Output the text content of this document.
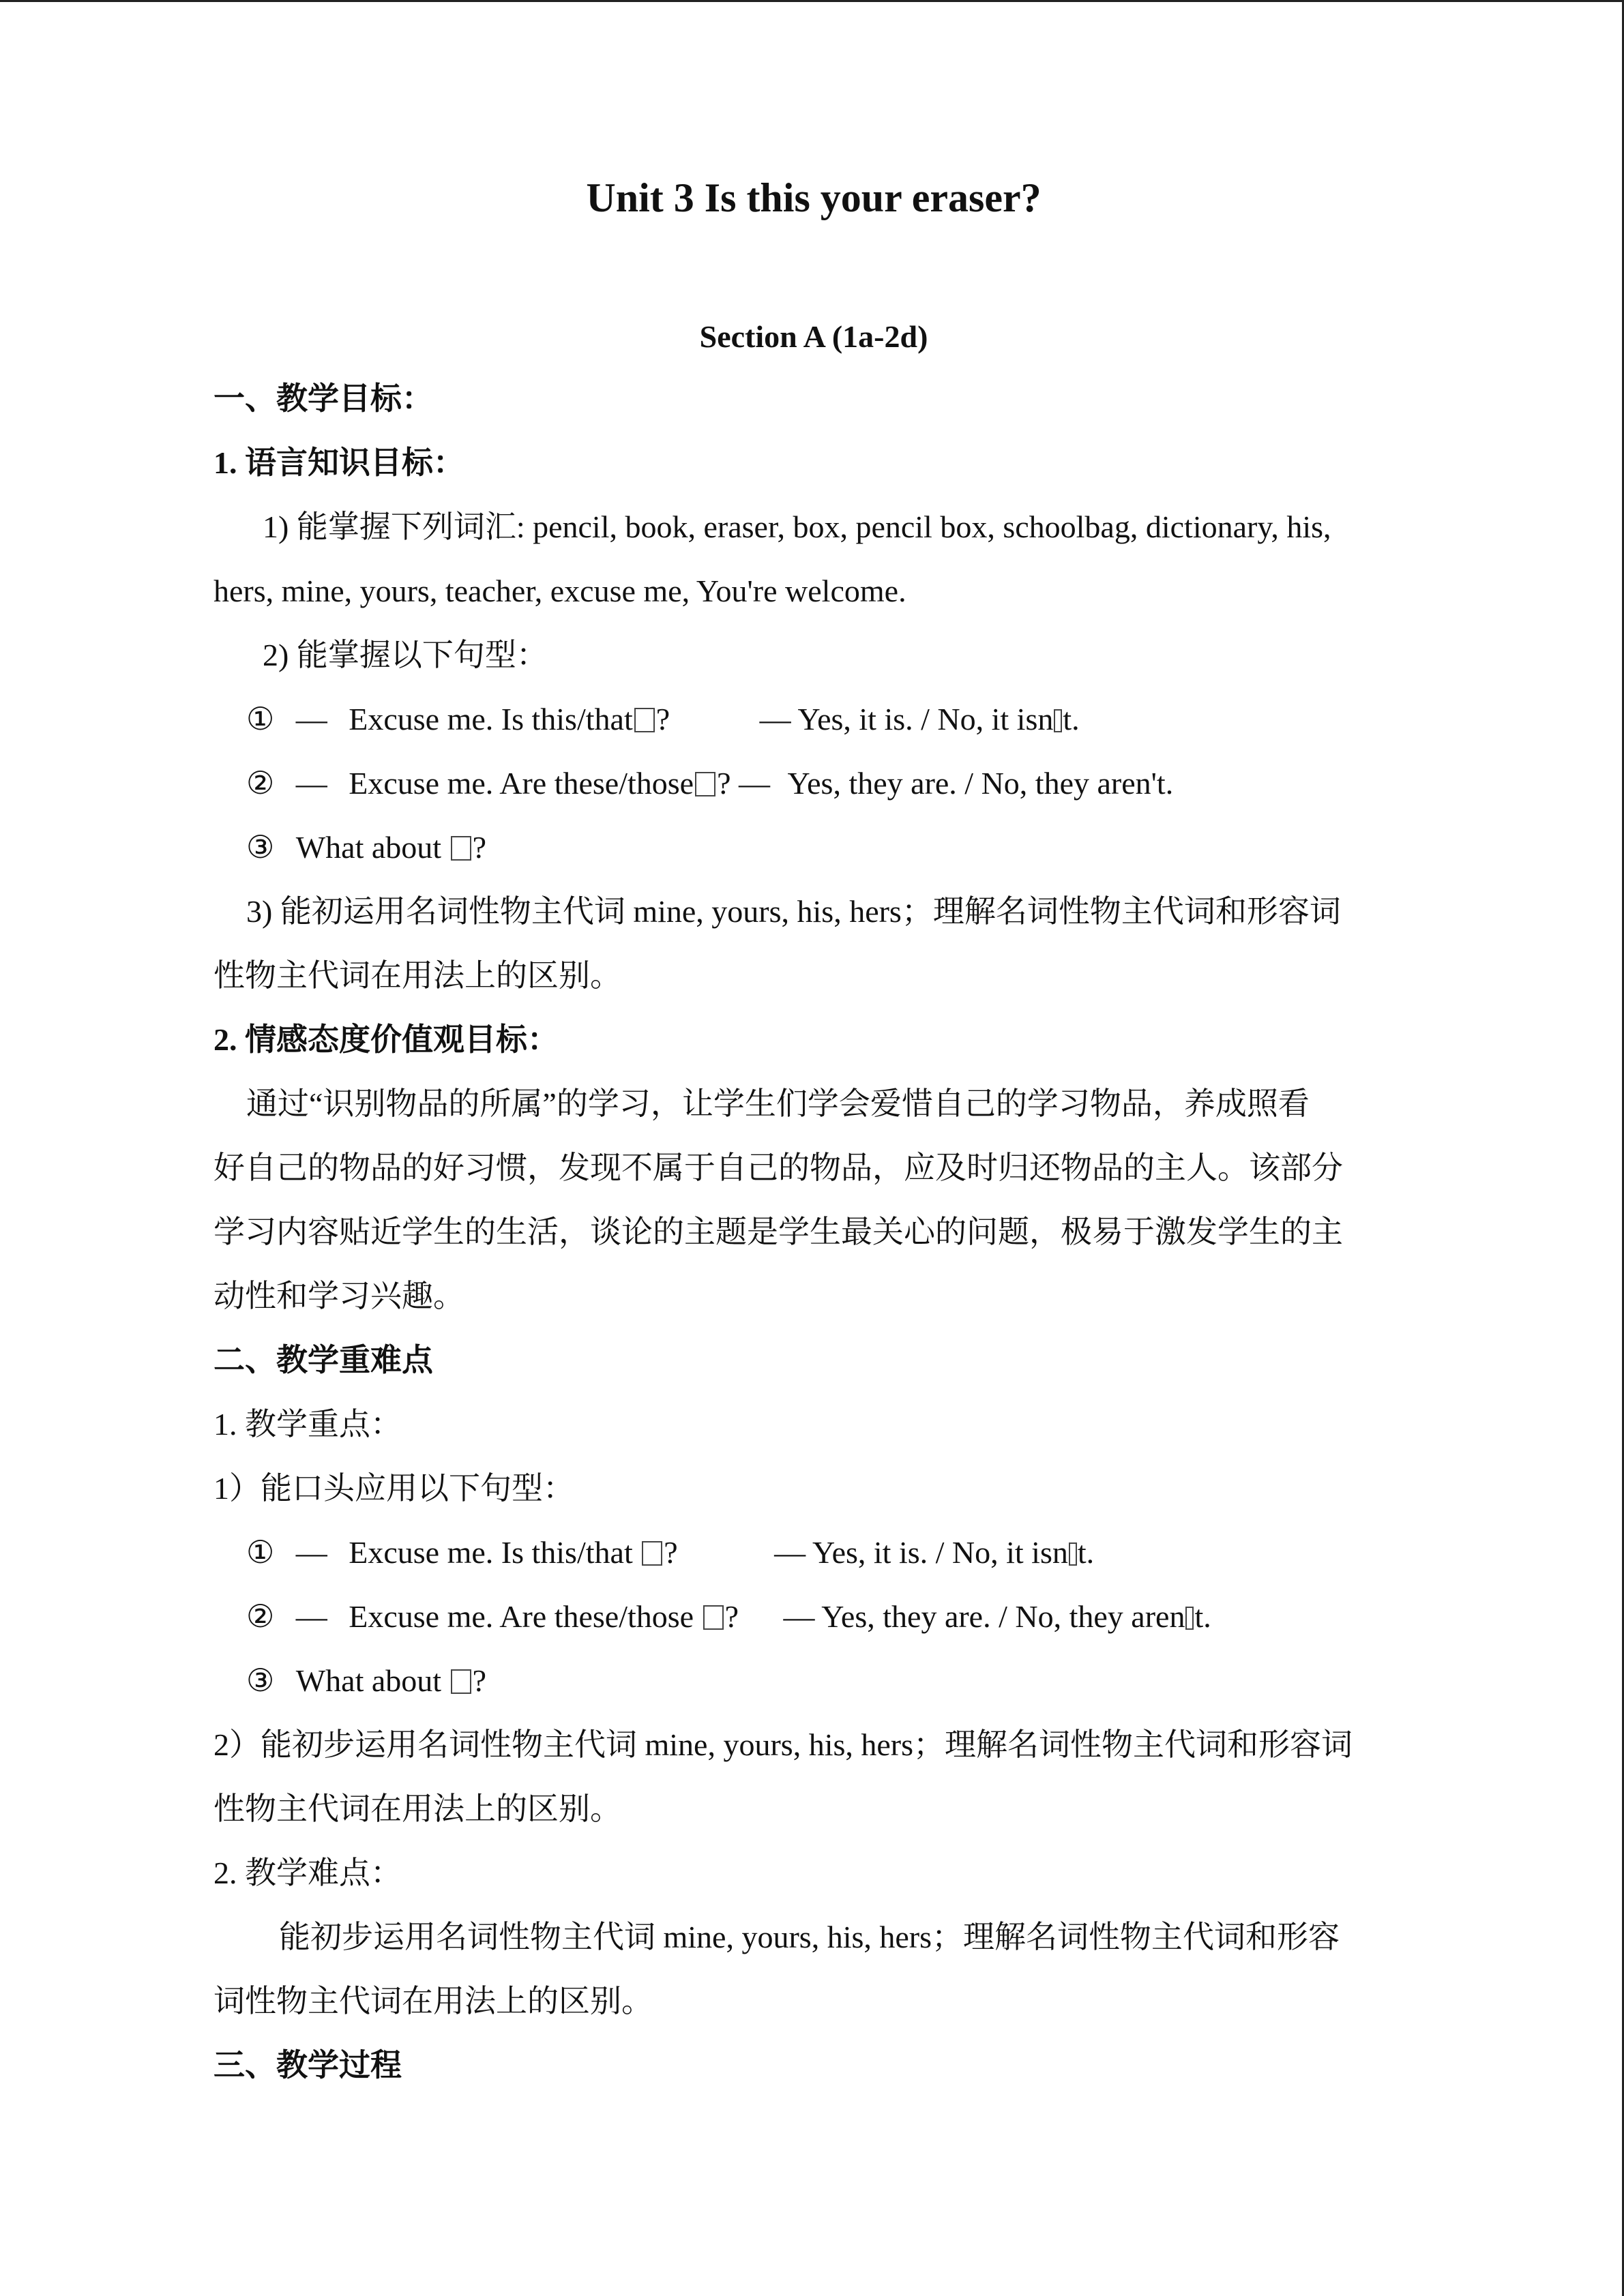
Unit 3 Is this your eraser?
Section A (1a-2d)
一、教学目标：
1. 语言知识目标：
1) 能掌握下列词汇: pencil, book, eraser, box, pencil box, schoolbag, dictionary, his,
hers, mine, yours, teacher, excuse me, You're welcome.
2) 能掌握以下句型：
① — Excuse me. Is this/that ?	— Yes, it is. / No, it isn t.
② — Excuse me. Are these/those ? — Yes, they are. / No, they aren't.
③ What about ?
3) 能初运用名词性物主代词 mine, yours, his, hers；理解名词性物主代词和形容词
性物主代词在用法上的区别。
2. 情感态度价值观目标：
通过“识别物品的所属”的学习，让学生们学会爱惜自己的学习物品，养成照看
好自己的物品的好习惯，发现不属于自己的物品，应及时归还物品的主人。该部分
学习内容贴近学生的生活，谈论的主题是学生最关心的问题，极易于激发学生的主
动性和学习兴趣。
二、教学重难点
1. 教学重点：
1）能口头应用以下句型：
① — Excuse me. Is this/that ?	— Yes, it is. / No, it isn t.
② — Excuse me. Are these/those ? — Yes, they are. / No, they aren t.
③ What about ?
2）能初步运用名词性物主代词 mine, yours, his, hers；理解名词性物主代词和形容词
性物主代词在用法上的区别。
2. 教学难点：
能初步运用名词性物主代词 mine, yours, his, hers；理解名词性物主代词和形容
词性物主代词在用法上的区别。
三、教学过程
